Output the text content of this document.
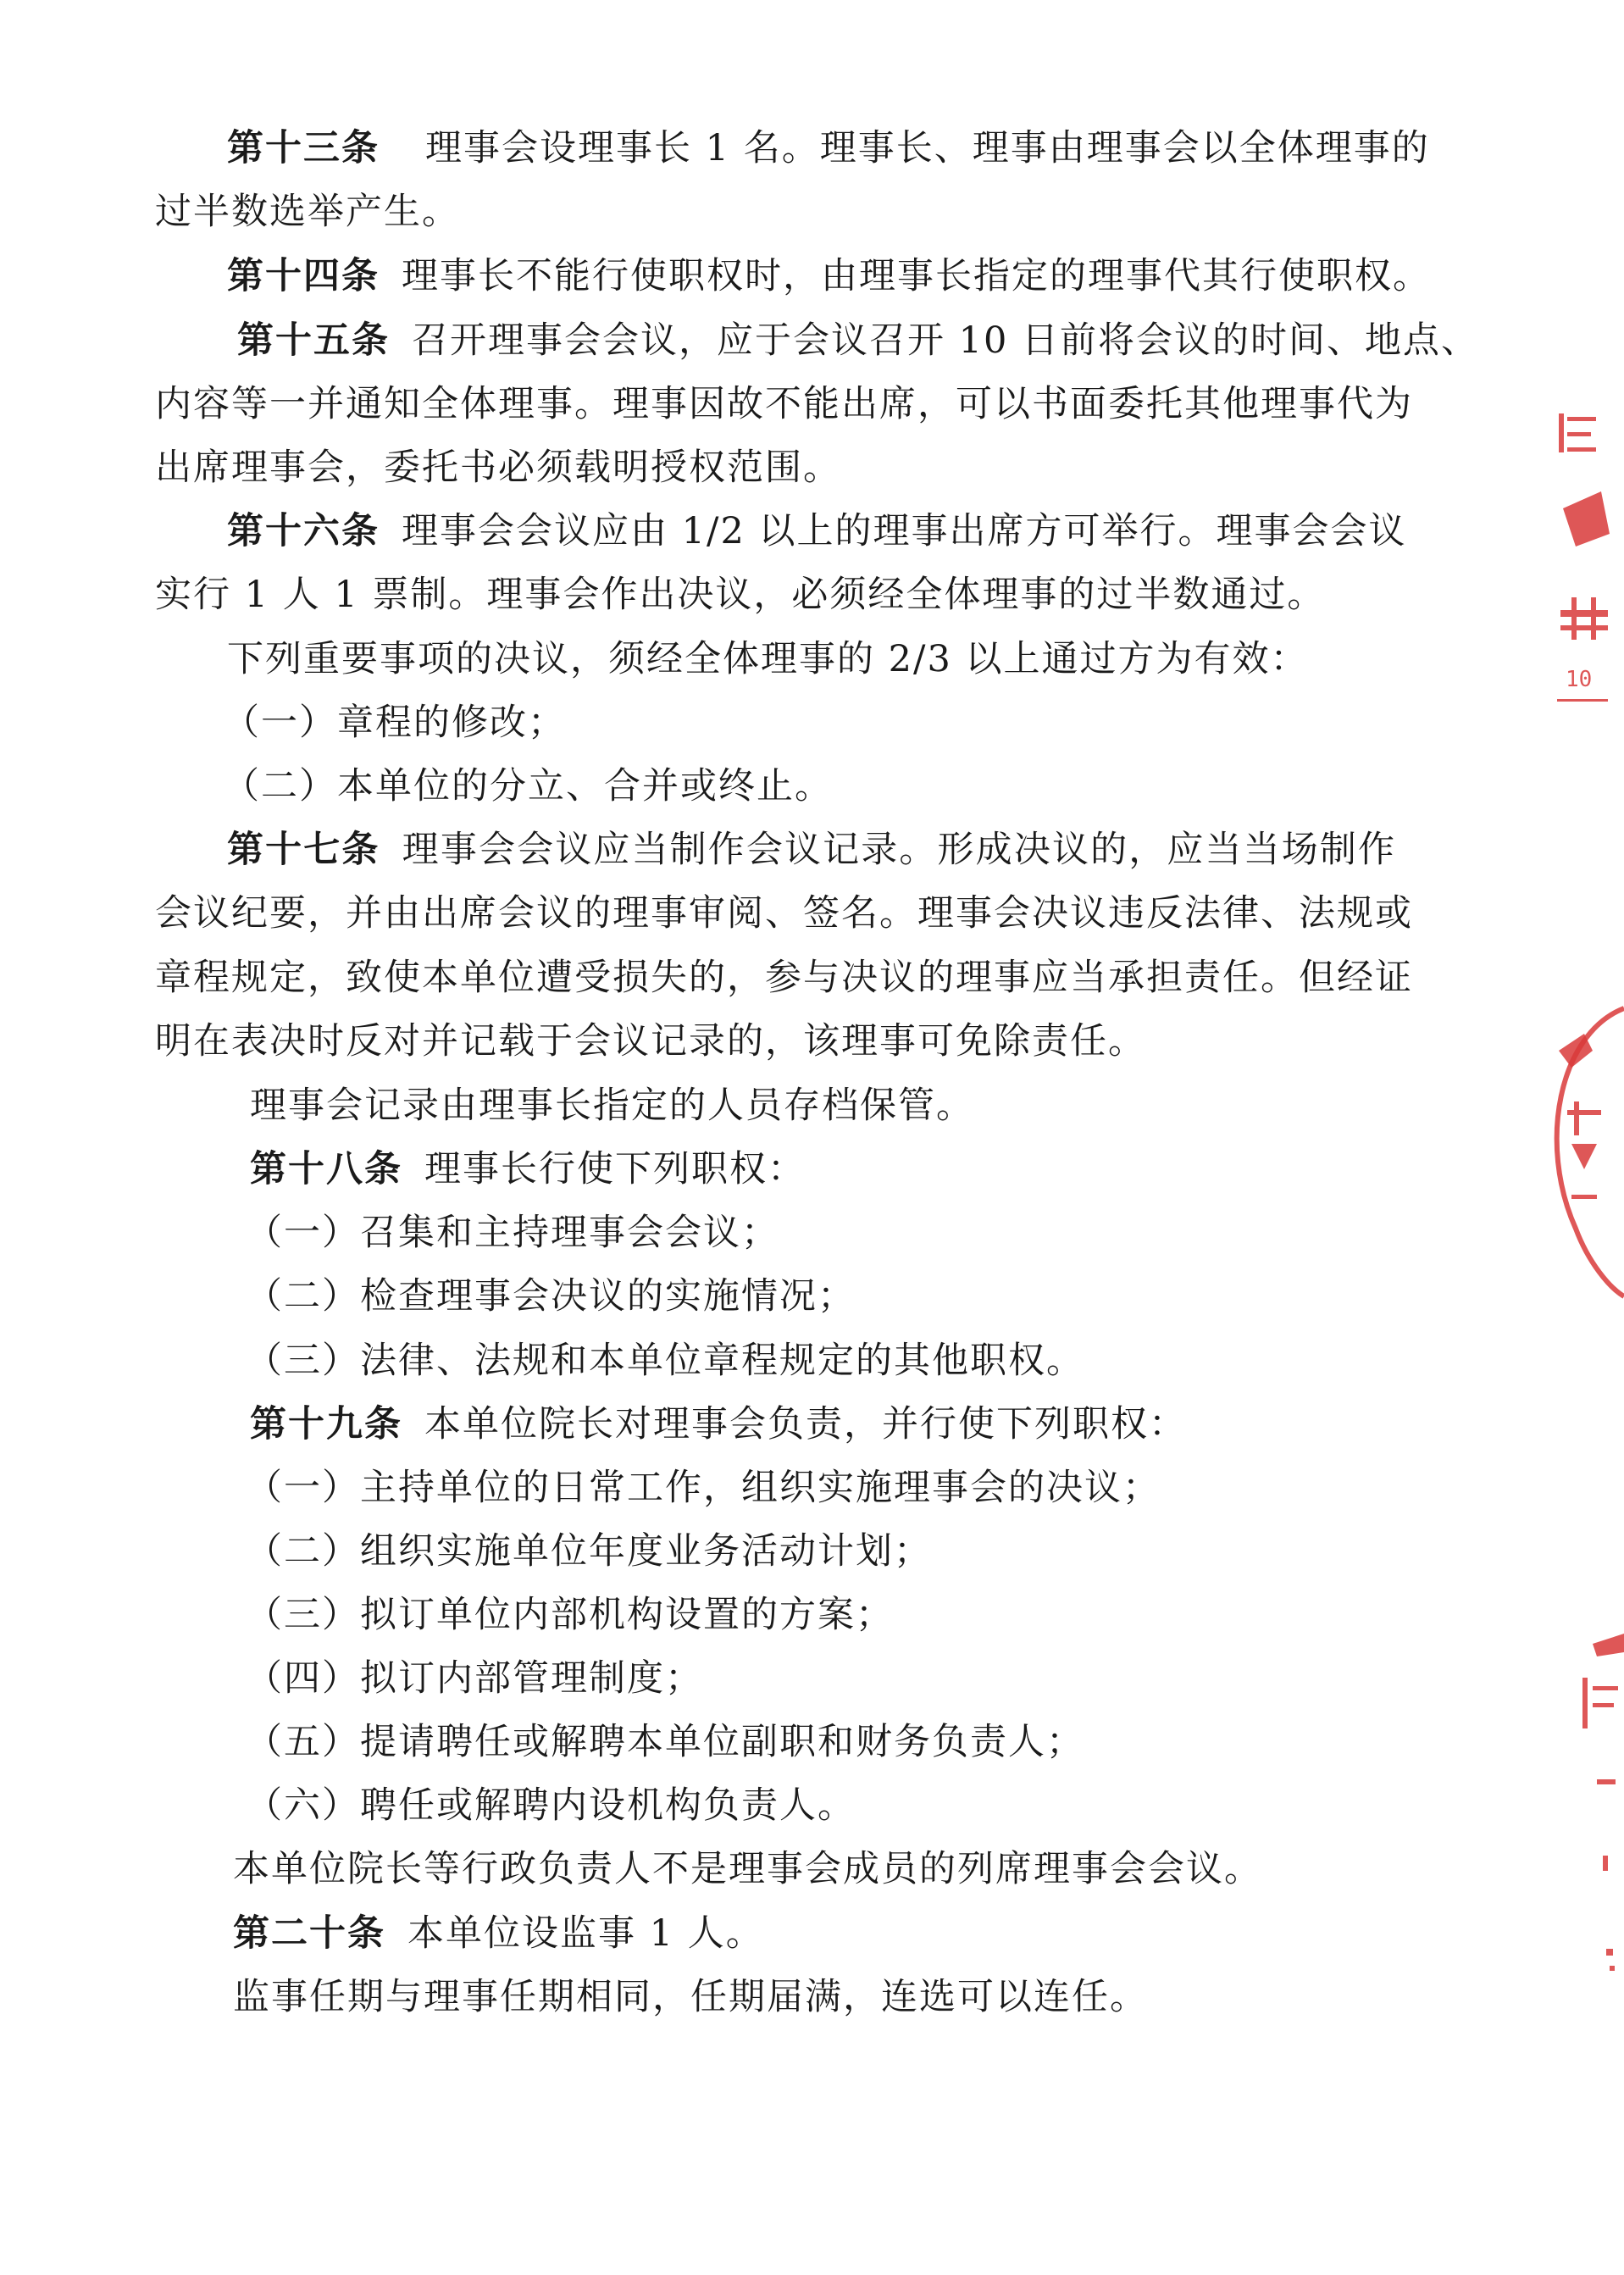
第十三条 理事会设理事长 1 名。理事长、理事由理事会以全体理事的
过半数选举产生。
第十四条 理事长不能行使职权时，由理事长指定的理事代其行使职权。
第十五条 召开理事会会议，应于会议召开 10 日前将会议的时间、地点、
内容等一并通知全体理事。理事因故不能出席，可以书面委托其他理事代为
出席理事会，委托书必须载明授权范围。
第十六条 理事会会议应由 1/2 以上的理事出席方可举行。理事会会议
实行 1 人 1 票制。理事会作出决议，必须经全体理事的过半数通过。
下列重要事项的决议，须经全体理事的 2/3 以上通过方为有效：
（一）章程的修改；
（二）本单位的分立、合并或终止。
第十七条 理事会会议应当制作会议记录。形成决议的，应当当场制作
会议纪要，并由出席会议的理事审阅、签名。理事会决议违反法律、法规或
章程规定，致使本单位遭受损失的，参与决议的理事应当承担责任。但经证
明在表决时反对并记载于会议记录的，该理事可免除责任。
理事会记录由理事长指定的人员存档保管。
第十八条 理事长行使下列职权：
（一）召集和主持理事会会议；
（二）检查理事会决议的实施情况；
（三）法律、法规和本单位章程规定的其他职权。
第十九条 本单位院长对理事会负责，并行使下列职权：
（一）主持单位的日常工作，组织实施理事会的决议；
（二）组织实施单位年度业务活动计划；
（三）拟订单位内部机构设置的方案；
（四）拟订内部管理制度；
（五）提请聘任或解聘本单位副职和财务负责人；
（六）聘任或解聘内设机构负责人。
本单位院长等行政负责人不是理事会成员的列席理事会会议。
第二十条 本单位设监事 1 人。
监事任期与理事任期相同，任期届满，连选可以连任。
10
